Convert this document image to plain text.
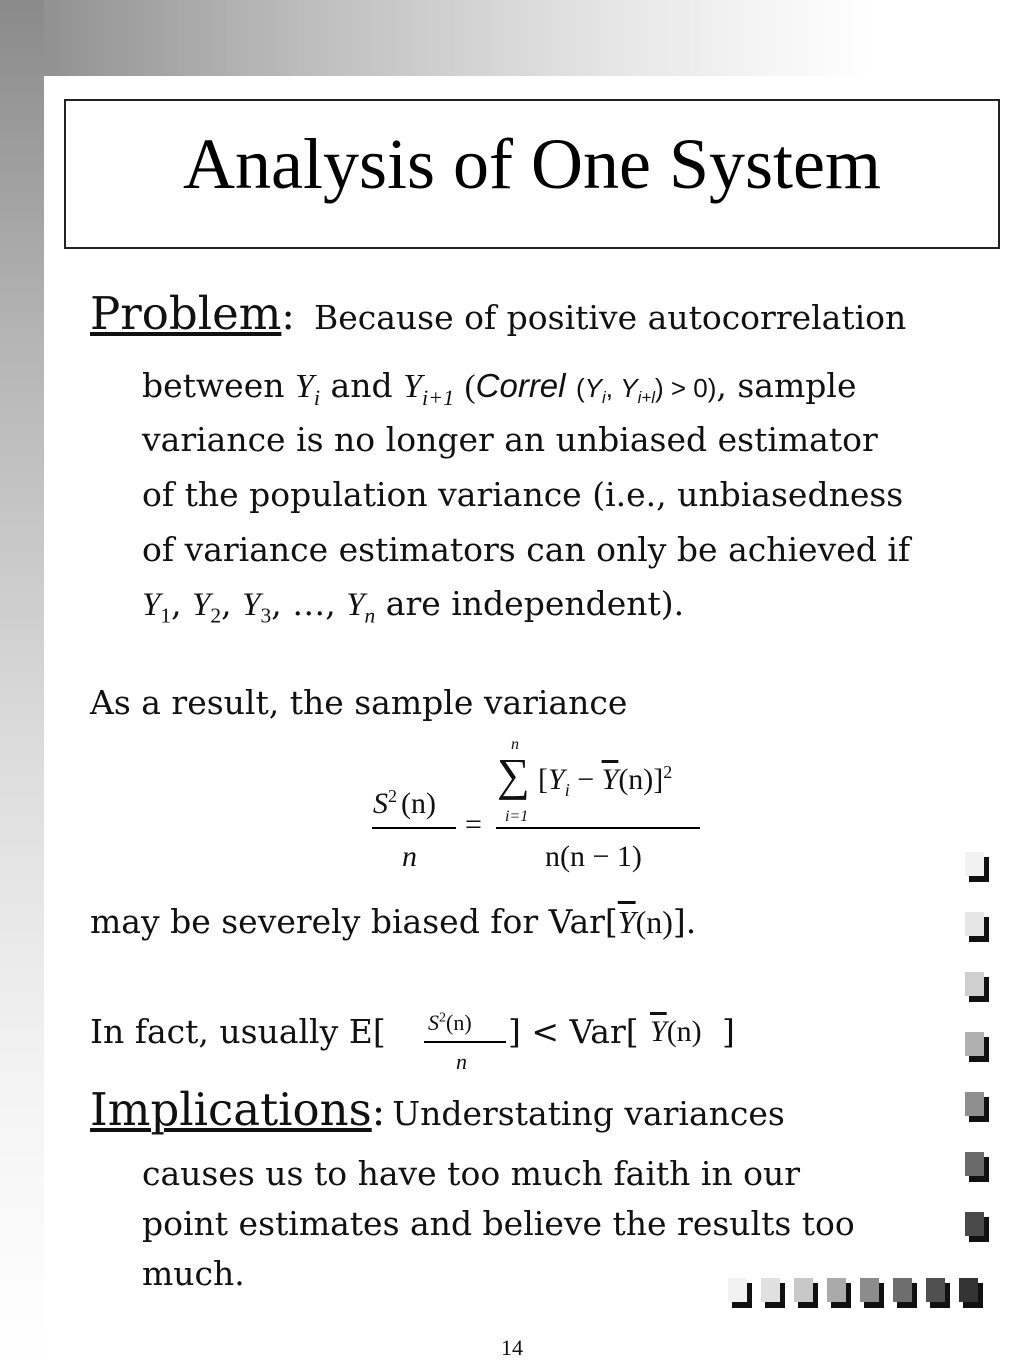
Analysis of One System
Problem: Because of positive autocorrelation
between $Y_i$ and $Y_{i+1}$ (Correl ($Y_i$, $Y_{i+l}) > 0$), sample
variance is no longer an unbiased estimator
of the population variance (i.e., unbiasedness
of variance estimators can only be achieved if
$Y_1$, $Y_2$, $Y_3$, …, $Y_n$ are independent).
As a result, the sample variance
$S^2$ (n)
n
=
n
∑
i=1
$[Y_i - \overline{Y}(n)]^2$
n(n − 1)
may be severely biased for $Var[\overline{Y}(n)]$.
In fact, usually E[ $S^2(n)$
n
] < Var[ $\overline{Y}(n)$ ]
Implications: Understating variances
causes us to have too much faith in our
point estimates and believe the results too
much.
14
